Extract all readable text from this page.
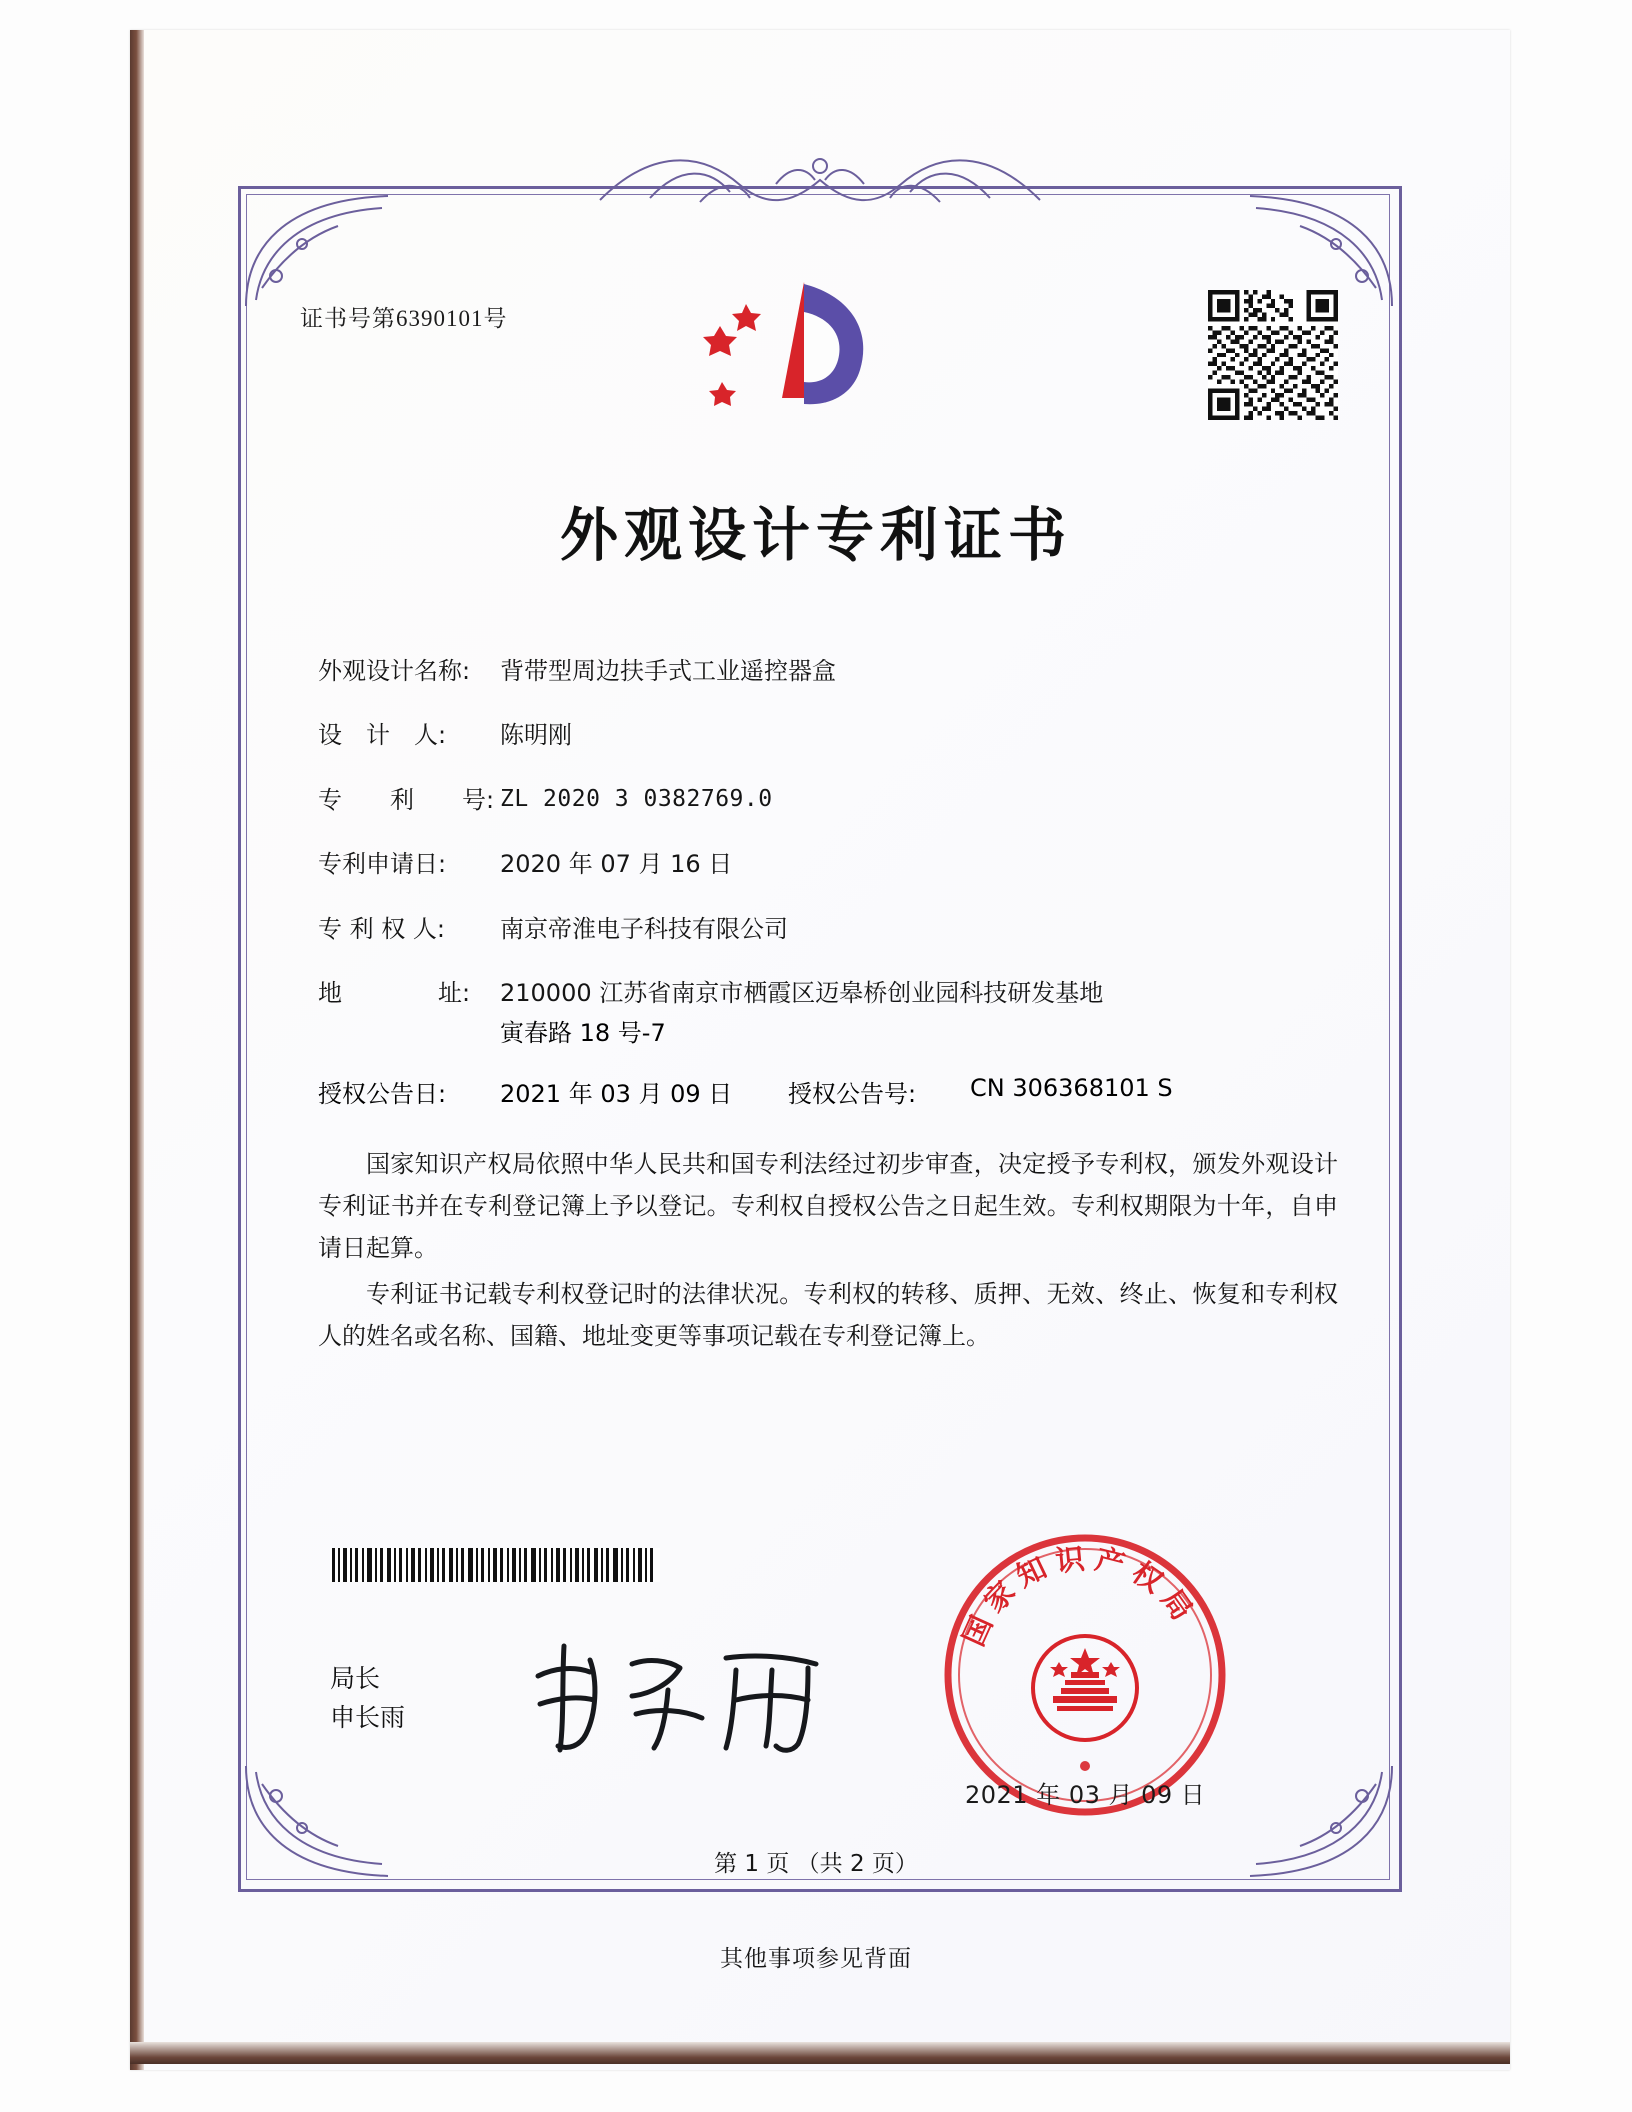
证书号第6390101号
外观设计专利证书
外观设计名称:	背带型周边扶手式工业遥控器盒
设　计　人:	陈明刚
专　　利　　号: ZL 2020 3 0382769.0
专利申请日:	2020 年 07 月 16 日
专 利 权 人:	南京帝淮电子科技有限公司
地　　　　址:	210000 江苏省南京市栖霞区迈皋桥创业园科技研发基地
寅春路 18 号-7
授权公告日:	2021 年 03 月 09 日	授权公告号:	CN 306368101 S
国家知识产权局依照中华人民共和国专利法经过初步审查，决定授予专利权，颁发外观设计专利证书并在专利登记簿上予以登记。专利权自授权公告之日起生效。专利权期限为十年，自申请日起算。
专利证书记载专利权登记时的法律状况。专利权的转移、质押、无效、终止、恢复和专利权人的姓名或名称、国籍、地址变更等事项记载在专利登记簿上。
局长
申长雨
国家知识产权局
2021 年 03 月 09 日
第 1 页 （共 2 页）
其他事项参见背面
